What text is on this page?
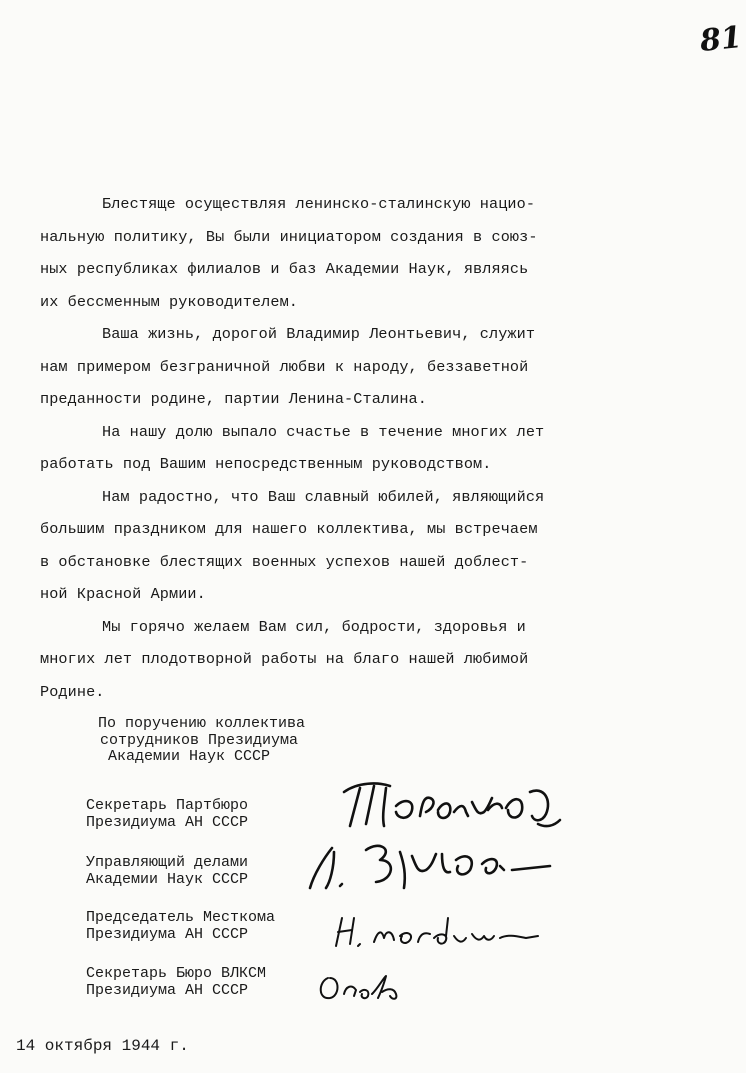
81
Блестяще осуществляя ленинско-сталинскую нацио-
нальную политику, Вы были инициатором создания в союз-
ных республиках филиалов и баз Академии Наук, являясь
их бессменным руководителем.
Ваша жизнь, дорогой Владимир Леонтьевич, служит
нам примером безграничной любви к народу, беззаветной
преданности родине, партии Ленина-Сталина.
На нашу долю выпало счастье в течение многих лет
работать под Вашим непосредственным руководством.
Нам радостно, что Ваш славный юбилей, являющийся
большим праздником для нашего коллектива, мы встречаем
в обстановке блестящих военных успехов нашей доблест-
ной Красной Армии.
Мы горячо желаем Вам сил, бодрости, здоровья и
многих лет плодотворной работы на благо нашей любимой
Родине.
По поручению коллектива
сотрудников Президиума
Академии Наук СССР
Секретарь Партбюро
Президиума АН СССР
Управляющий делами
Академии Наук СССР
Председатель Месткома
Президиума АН СССР
Секретарь Бюро ВЛКСМ
Президиума АН СССР
14 октября 1944 г.
